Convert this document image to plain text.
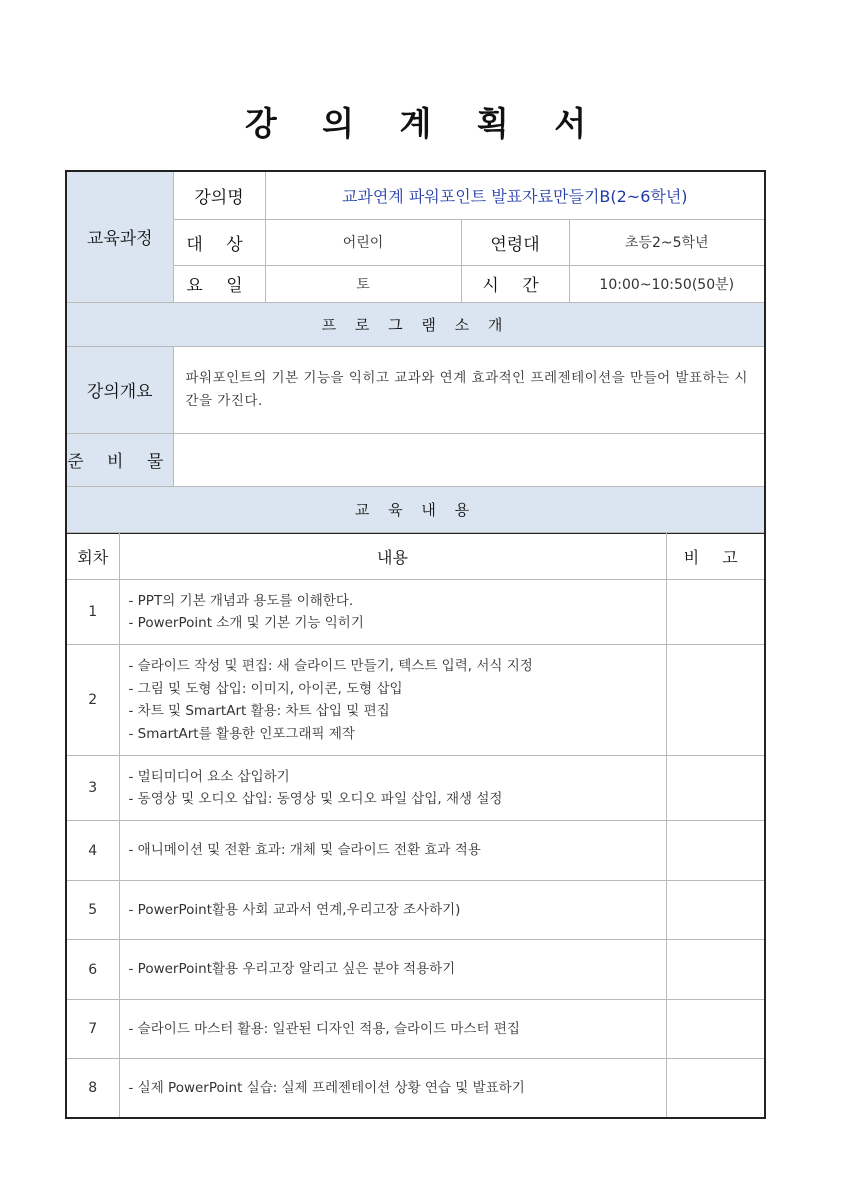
강 의 계 획 서
교육과정	강의명	교과연계 파워포인트 발표자료만들기B(2~6학년)		
	대 상	어린이	연령대	초등2~5학년
	요 일	토	시 간	10:00~10:50(50분)
프 로 그 램 소 개				
강의개요	파워포인트의 기본 기능을 익히고 교과와 연계 효과적인 프레젠테이션을 만들어 발표하는 시간을 가진다.			
준 비 물				
교 육 내 용				
회차	내용	비 고
1	- PPT의 기본 개념과 용도를 이해한다.
- PowerPoint 소개 및 기본 기능 익히기	

2	- 슬라이드 작성 및 편집: 새 슬라이드 만들기, 텍스트 입력, 서식 지정
- 그림 및 도형 삽입: 이미지, 아이콘, 도형 삽입
- 차트 및 SmartArt 활용: 차트 삽입 및 편집
- SmartArt를 활용한 인포그래픽 제작	

3	- 멀티미디어 요소 삽입하기
- 동영상 및 오디오 삽입: 동영상 및 오디오 파일 삽입, 재생 설정	

4	- 애니메이션 및 전환 효과: 개체 및 슬라이드 전환 효과 적용	

5	- PowerPoint활용 사회 교과서 연계,우리고장 조사하기)	

6	- PowerPoint활용 우리고장 알리고 싶은 분야 적용하기	

7	- 슬라이드 마스터 활용: 일관된 디자인 적용, 슬라이드 마스터 편집	

8	- 실제 PowerPoint 실습: 실제 프레젠테이션 상황 연습 및 발표하기	
